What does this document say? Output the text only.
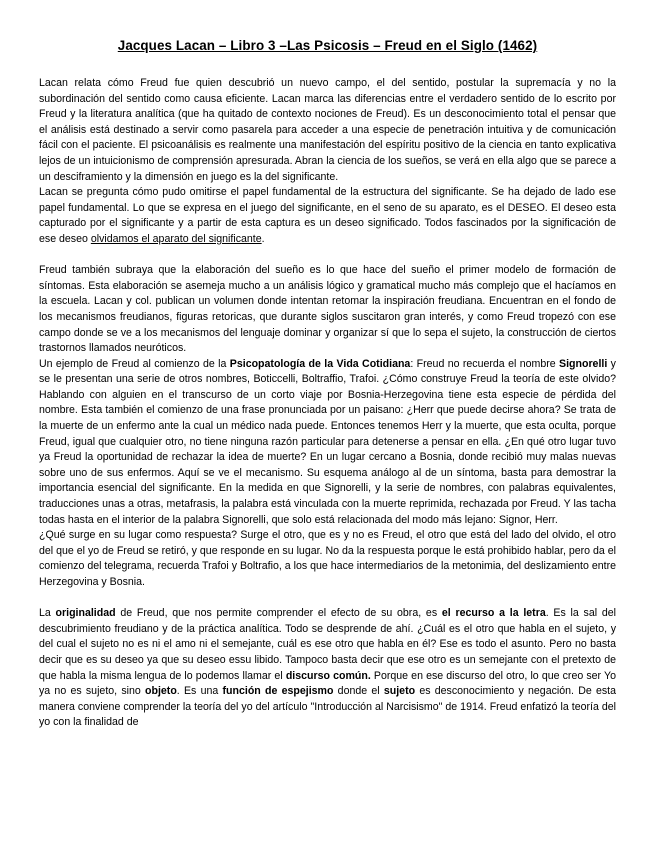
Jacques Lacan – Libro 3 –Las Psicosis – Freud en el Siglo (1462)

Lacan relata cómo Freud fue quien descubrió un nuevo campo, el del sentido, postular la supremacía y no la subordinación del sentido como causa eficiente. Lacan marca las diferencias entre el verdadero sentido de lo escrito por Freud y la literatura analítica (que ha quitado de contexto nociones de Freud). Es un desconocimiento total el pensar que el análisis está destinado a servir como pasarela para acceder a una especie de penetración intuitiva y de comunicación fácil con el paciente. El psicoanálisis es realmente una manifestación del espíritu positivo de la ciencia en tanto explicativa lejos de un intuicionismo de comprensión apresurada. Abran la ciencia de los sueños, se verá en ella algo que se parece a un desciframiento y la dimensión en juego es la del significante.

Lacan se pregunta cómo pudo omitirse el papel fundamental de la estructura del significante. Se ha dejado de lado ese papel fundamental. Lo que se expresa en el juego del significante, en el seno de su aparato, es el DESEO. El deseo esta capturado por el significante y a partir de esta captura es un deseo significado. Todos fascinados por la significación de ese deseo olvidamos el aparato del significante.

Freud también subraya que la elaboración del sueño es lo que hace del sueño el primer modelo de formación de síntomas. Esta elaboración se asemeja mucho a un análisis lógico y gramatical mucho más complejo que el hacíamos en la escuela. Lacan y col. publican un volumen donde intentan retomar la inspiración freudiana. Encuentran en el fondo de los mecanismos freudianos, figuras retoricas, que durante siglos suscitaron gran interés, y como Freud tropezó con ese campo donde se ve a los mecanismos del lenguaje dominar y organizar sí que lo sepa el sujeto, la construcción de ciertos trastornos llamados neuróticos.

Un ejemplo de Freud al comienzo de la Psicopatología de la Vida Cotidiana: Freud no recuerda el nombre Signorelli y se le presentan una serie de otros nombres, Boticcelli, Boltraffio, Trafoi. ¿Cómo construye Freud la teoría de este olvido? Hablando con alguien en el transcurso de un corto viaje por Bosnia-Herzegovina tiene esta especie de pérdida del nombre. Esta también el comienzo de una frase pronunciada por un paisano: ¿Herr que puede decirse ahora? Se trata de la muerte de un enfermo ante la cual un médico nada puede. Entonces tenemos Herr y la muerte, que esta oculta, porque Freud, igual que cualquier otro, no tiene ninguna razón particular para detenerse a pensar en ella. ¿En qué otro lugar tuvo ya Freud la oportunidad de rechazar la idea de muerte? En un lugar cercano a Bosnia, donde recibió muy malas nuevas sobre uno de sus enfermos. Aquí se ve el mecanismo. Su esquema análogo al de un síntoma, basta para demostrar la importancia esencial del significante. En la medida en que Signorelli, y la serie de nombres, con palabras equivalentes, traducciones unas a otras, metafrasis, la palabra está vinculada con la muerte reprimida, rechazada por Freud. Y las tacha todas hasta en el interior de la palabra Signorelli, que solo está relacionada del modo más lejano: Signor, Herr.

¿Qué surge en su lugar como respuesta? Surge el otro, que es y no es Freud, el otro que está del lado del olvido, el otro del que el yo de Freud se retiró, y que responde en su lugar. No da la respuesta porque le está prohibido hablar, pero da el comienzo del telegrama, recuerda Trafoi y Boltrafio, a los que hace intermediarios de la metonimia, del deslizamiento entre Herzegovina y Bosnia.

La originalidad de Freud, que nos permite comprender el efecto de su obra, es el recurso a la letra. Es la sal del descubrimiento freudiano y de la práctica analítica. Todo se desprende de ahí. ¿Cuál es el otro que habla en el sujeto, y del cual el sujeto no es ni el amo ni el semejante, cuál es ese otro que habla en él? Ese es todo el asunto. Pero no basta decir que es su deseo ya que su deseo essu libido. Tampoco basta decir que ese otro es un semejante con el pretexto de que habla la misma lengua de lo podemos llamar el discurso común. Porque en ese discurso del otro, lo que creo ser Yo ya no es sujeto, sino objeto. Es una función de espejismo donde el sujeto es desconocimiento y negación. De esta manera conviene comprender la teoría del yo del artículo "Introducción al Narcisismo" de 1914. Freud enfatizó la teoría del yo con la finalidad de
